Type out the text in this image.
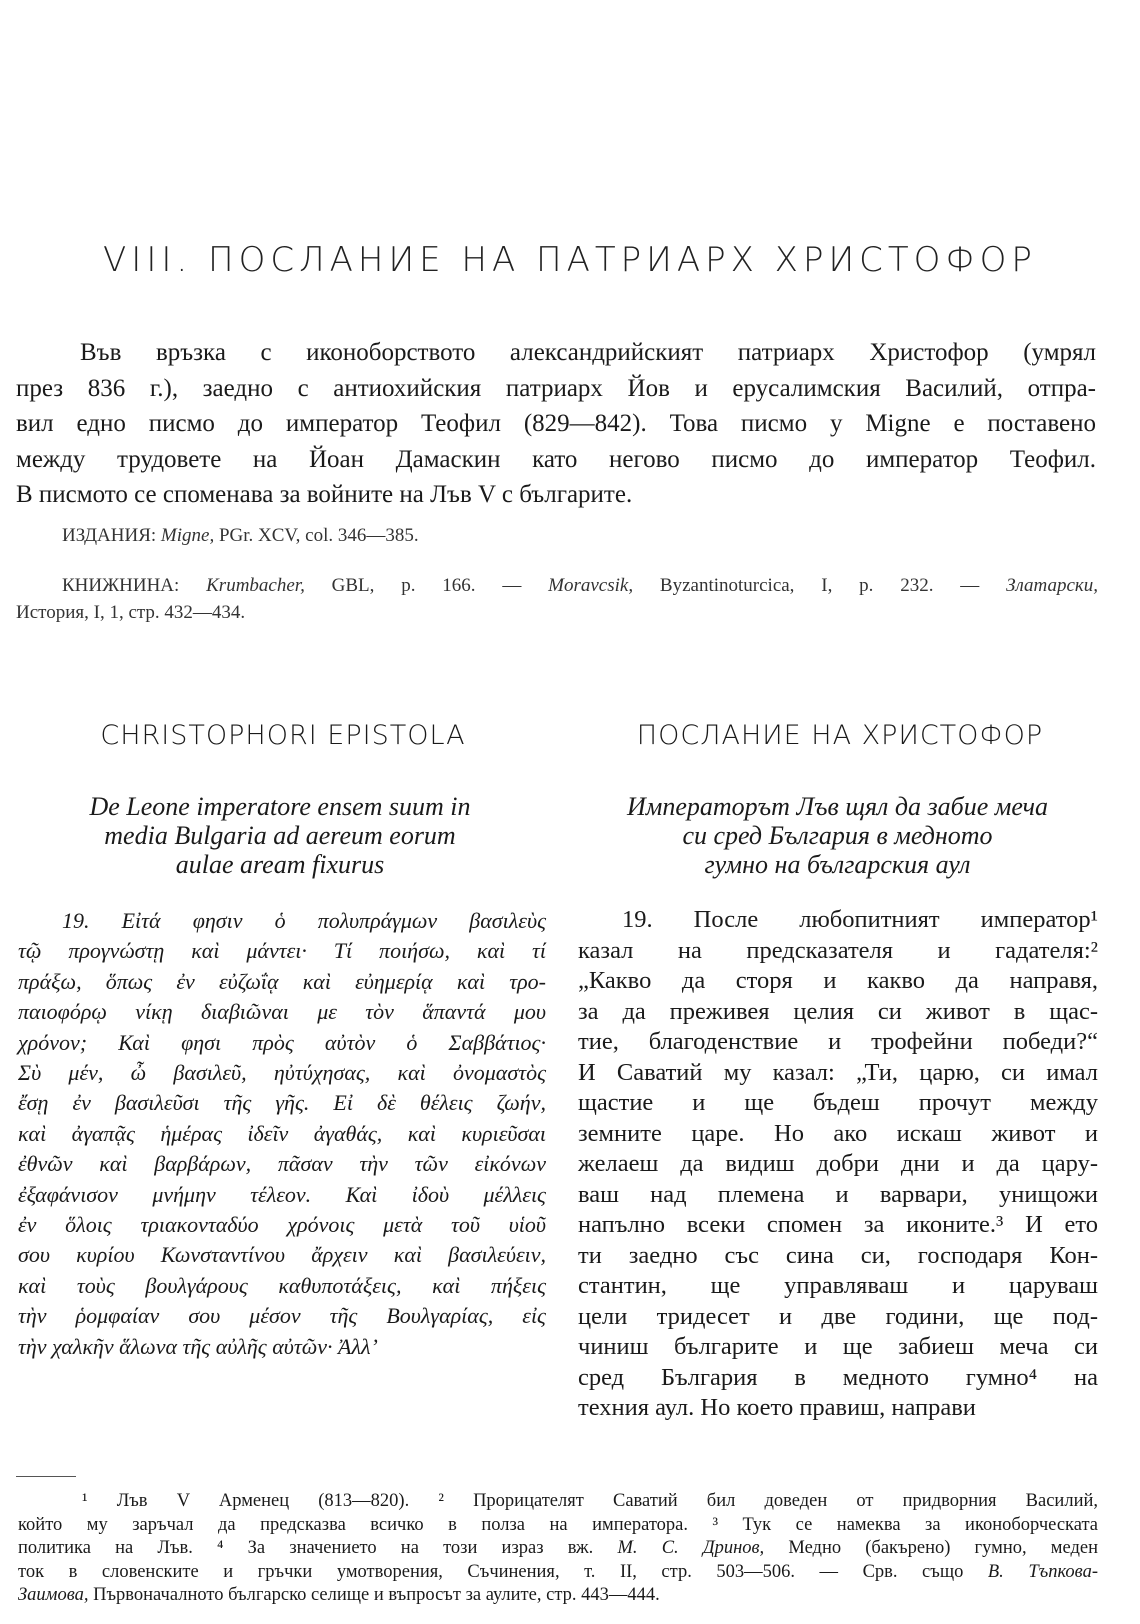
VIII. ПОСЛАНИЕ НА ПАТРИАРХ ХРИСТОФОР
Във връзка с иконоборството александрийският патриарх Христофор (умрял
през 836 г.), заедно с антиохийския патриарх Йов и ерусалимския Василий, отпра-
вил едно писмо до император Теофил (829—842). Това писмо у Migne е поставено
между трудовете на Йоан Дамаскин като негово писмо до император Теофил.
В писмото се споменава за войните на Лъв V с българите.
ИЗДАНИЯ: Migne, PGr. XCV, col. 346—385.
КНИЖНИНА: Krumbacher, GBL, p. 166. — Moravcsik, Byzantinoturcica, I, p. 232. — Златарски,
История, I, 1, стр. 432—434.
CHRISTOPHORI EPISTOLA	ПОСЛАНИЕ НА ХРИСТОФОР
De Leone imperatore ensem suum in
media Bulgaria ad aereum eorum
aulae aream fixurus
Императорът Лъв щял да забие меча
си сред България в медното
гумно на българския аул
19. Εἰτά φησιν ὁ πολυπράγμων βασιλεὺς
τῷ προγνώστῃ καὶ μάντει· Τί ποιήσω, καὶ τί
πράξω, ὅπως ἐν εὐζωΐᾳ καὶ εὐημερίᾳ καὶ τρο-
παιοφόρῳ νίκῃ διαβιῶναι με τὸν ἅπαντά μου
χρόνον; Καὶ φησι πρὸς αὐτὸν ὁ Σαββάτιος·
Σὺ μέν, ὦ βασιλεῦ, ηὐτύχησας, καὶ ὀνομαστὸς
ἔσῃ ἐν βασιλεῦσι τῆς γῆς. Εἰ δὲ θέλεις ζωήν,
καὶ ἀγαπᾷς ἡμέρας ἰδεῖν ἀγαθάς, καὶ κυριεῦσαι
ἐθνῶν καὶ βαρβάρων, πᾶσαν τὴν τῶν εἰκόνων
ἐξαφάνισον μνήμην τέλεον. Καὶ ἰδοὺ μέλλεις
ἐν ὅλοις τριακονταδύο χρόνοις μετὰ τοῦ υἱοῦ
σου κυρίου Κωνσταντίνου ἄρχειν καὶ βασιλεύειν,
καὶ τοὺς βουλγάρους καθυποτάξεις, καὶ πήξεις
τὴν ῥομφαίαν σου μέσον τῆς Βουλγαρίας, εἰς
τὴν χαλκῆν ἅλωνα τῆς αὐλῆς αὐτῶν· Ἀλλ’
19. После любопитният император¹
казал на предсказателя и гадателя:²
„Какво да сторя и какво да направя,
за да преживея целия си живот в щас-
тие, благоденствие и трофейни победи?“
И Саватий му казал: „Ти, царю, си имал
щастие и ще бъдеш прочут между
земните царе. Но ако искаш живот и
желаеш да видиш добри дни и да цару-
ваш над племена и варвари, унищожи
напълно всеки спомен за иконите.³ И ето
ти заедно със сина си, господаря Кон-
стантин, ще управляваш и царуваш
цели тридесет и две години, ще под-
чиниш българите и ще забиеш меча си
сред България в медното гумно⁴ на
техния аул. Но което правиш, направи
¹ Лъв V Арменец (813—820). ² Прорицателят Саватий бил доведен от придворния Василий,
който му заръчал да предсказва всичко в полза на императора. ³ Тук се намеква за иконоборческата
политика на Лъв. ⁴ За значението на този израз вж. М. С. Дринов, Медно (бакърено) гумно, меден
ток в словенските и гръчки умотворения, Съчинения, т. II, стр. 503—506. — Срв. също В. Тъпкова-
Заимова, Първоначалното българско селище и въпросът за аулите, стр. 443—444.
